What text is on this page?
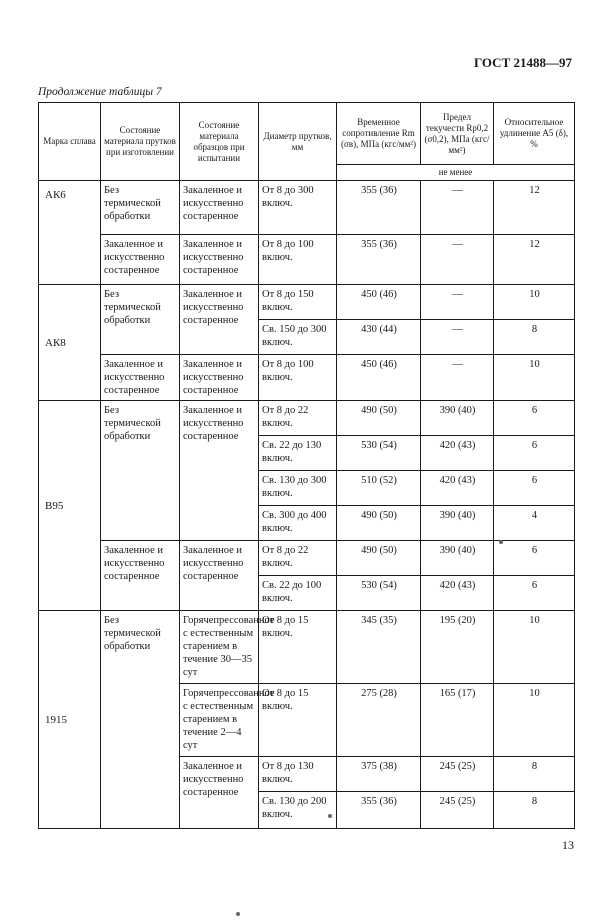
ГОСТ 21488—97
Продолжение таблицы 7
Марка сплава	Состояние материала прутков при изготовлении	Состояние материала образцов при испытании	Диаметр прутков, мм	Временное сопротивление Rm (σв), МПа (кгс/мм²)	Предел текучести Rp0,2 (σ0,2), МПа (кгс/мм²)	Относительное удлинение A5 (δ), %
				не менее		
АК6	Без термической обработки	Закаленное и искусственно состаренное	От 8 до 300 включ.	355 (36)	—	12
	Закаленное и искусственно состаренное	Закаленное и искусственно состаренное	От 8 до 100 включ.	355 (36)	—	12
АК8	Без термической обработки	Закаленное и искусственно состаренное	От 8 до 150 включ.	450 (46)	—	10
			Св. 150 до 300 включ.	430 (44)	—	8
	Закаленное и искусственно состаренное	Закаленное и искусственно состаренное	От 8 до 100 включ.	450 (46)	—	10
В95	Без термической обработки	Закаленное и искусственно состаренное	От 8 до 22 включ.	490 (50)	390 (40)	6
			Св. 22 до 130 включ.	530 (54)	420 (43)	6
			Св. 130 до 300 включ.	510 (52)	420 (43)	6
			Св. 300 до 400 включ.	490 (50)	390 (40)	4
	Закаленное и искусственно состаренное	Закаленное и искусственно состаренное	От 8 до 22 включ.	490 (50)	390 (40)	6
			Св. 22 до 100 включ.	530 (54)	420 (43)	6
1915	Без термической обработки	Горячепрессованное с естественным старением в течение 30—35 сут	От 8 до 15 включ.	345 (35)	195 (20)	10
		Горячепрессованное с естественным старением в течение 2—4 сут	От 8 до 15 включ.	275 (28)	165 (17)	10
		Закаленное и искусственно состаренное	От 8 до 130 включ.	375 (38)	245 (25)	8
			Св. 130 до 200 включ.	355 (36)	245 (25)	8
13
